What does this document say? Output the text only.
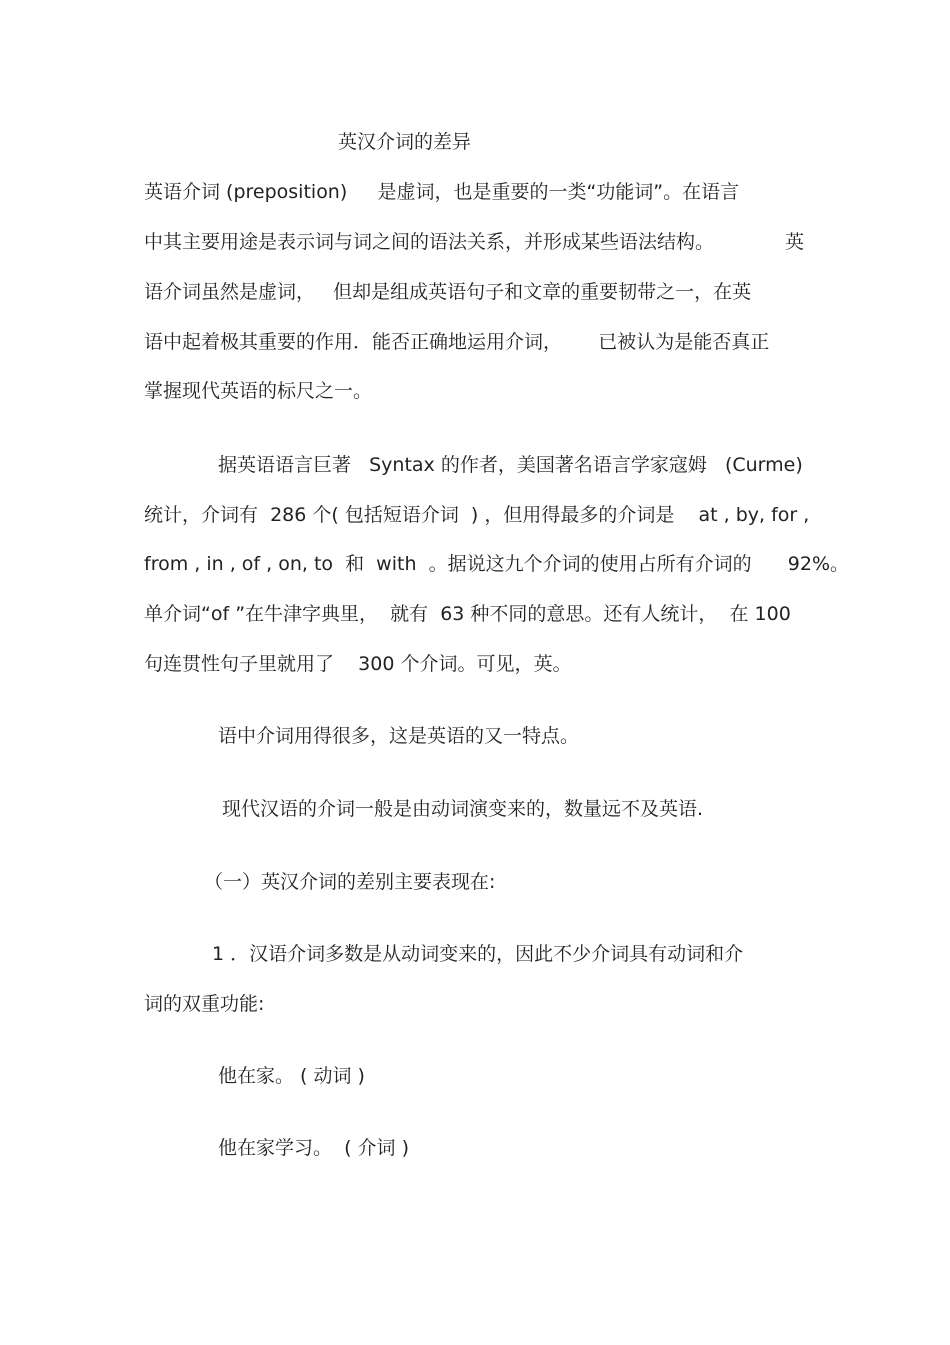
英汉介词的差异
英语介词 (preposition)     是虚词，也是重要的一类“功能词”。在语言
中其主要用途是表示词与词之间的语法关系，并形成某些语法结构。	英
语介词虽然是虚词，   但却是组成英语句子和文章的重要韧带之一，在英
语中起着极其重要的作用．能否正确地运用介词，      已被认为是能否真正
掌握现代英语的标尺之一。
据英语语言巨著   Syntax 的作者，美国著名语言学家寇姆   (Curme)
统计，介词有  286 个( 包括短语介词  ) ，但用得最多的介词是    at , by, for ,
from , in , of , on, to  和  with  。据说这九个介词的使用占所有介词的      92%。
单介词“of ”在牛津字典里，  就有  63 种不同的意思。还有人统计，  在 100
句连贯性句子里就用了    300 个介词。可见，英。
语中介词用得很多，这是英语的又一特点。
现代汉语的介词一般是由动词演变来的，数量远不及英语.
（一）英汉介词的差别主要表现在:
1 ．汉语介词多数是从动词变来的，因此不少介词具有动词和介
词的双重功能:
他在家。 ( 动词 )
他在家学习。  ( 介词 )
